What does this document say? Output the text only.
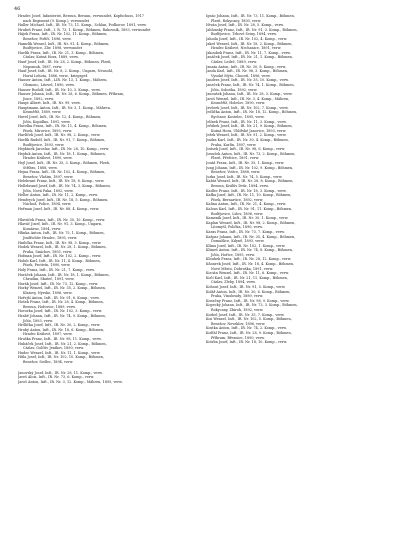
46
Hradec Josef, Infanterist, Beroun, Beraun, verwundet, Kopfschuss, 1917
nach Regiment (9. Komp.), verwundet
Haller Michael, Inft., IR. Nr. 73, 11. Komp., Schlan, Podhorov, 1891, verw.
Hrubeš Franz, Inft., I. R. 73, 1. Komp., Böhmen, Rakovník, 1893, verwundet
Hájek Franz, Inft., IR. Nr. 102, 11. Komp., Böhmen,
Benešov, Poříčí, 1896, verw.
Hamrlík Wenzel, Inft., IR. Nr. 91, 4. Komp., Böhmen,
Budějovice, Zliv, 1898, verwundet
Havlík Franz, Inft., IR. Nr. 21, 3. Komp., Böhmen,
Čáslav, Kutná Hora, 1889, verw.
Hauf Josef, Inft., IR. Nr. 28, 2. Komp., Böhmen, Plzeň,
Nepomuk, 1887, verw.
Hauf Josef, Inft., IR. Nr. 8, 2. Komp., Ungarn, Neusohl,
Horní Lehota, 1886, verw., kriegsgef.
Hauser Anton, Inft., LIR. Nr. 13, 1. Komp., Mähren,
Olomouc, Litovel, 1890, verw.
Hauser Rudolf, Inft., IR. Nr. 10, 3. Komp., verw.
Hauser Johann, Inft., IR. Nr. 28, 6. Komp., Böhmen, Příbram,
Jince, 1892, verw.
Haupt Albert, Inft., IR. Nr. 99, verw.
Hauptmann Anton, Inft., IR. Nr. 3, 1. Komp., Mähren,
Kroměříž, 1889, verw.
Havel Josef, Inft., IR. Nr. 12, 4. Komp., Böhmen,
Jičín, Kopidlno, 1891, verw.
Havelka Franz, Inft., IR. Nr. 11, 4. Komp., Böhmen,
Písek, Mirovice, 1895, verw.
Havlíček Josef, Inft., IR. Nr. 98, 2. Komp., verw.
Havlík Rudolf, Inft., IR. Nr. 91, 7. Komp., Böhmen,
Budějovice, 1893, verw.
Hejdánek Jaroslav, Inft., IR. Nr. 28, 10. Komp., verw.
Hejduk Anton, Inft., IR. Nr. 18, 1. Komp., Böhmen,
Hradec Králové, 1890, verw.
Hejl Josef, Inft., IR. Nr. 35, 3. Komp., Böhmen, Plzeň,
Stříbro, 1888, verw.
Hejna Franz, Inft., IR. Nr. 102, 4. Komp., Böhmen,
Benešov, Vlašim, 1897, verw.
Helebrant Franz, Inft., IR. Nr. 18, 8. Komp., verw.
Hellebrand Josef, Inft., IR. Nr. 74, 3. Komp., Böhmen,
Jičín, Nová Paka, 1892, verw.
Heller Anton, Inft., IR. Nr. 11, 2. Komp., verw.
Hendrych Josef, Inft., IR. Nr. 18, 5. Komp., Böhmen,
Náchod, Police, 1894, verw.
Heřman Josef, Inft., IR. Nr. 88, 4. Komp., verw.
Hlaváček Franz, Inft., IR. Nr. 30, 10. Komp., verw.
Hlaváč Josef, Inft., IR. Nr. 91, 3. Komp., Ungarn,
Komárno, 1894, verw.
Hlinka Anton, Inft., IR. Nr. 75, 1. Komp., Böhmen,
Jindřichův Hradec, 1895, verw.
Hnilička Franz, Inft., IR. Nr. 98, 5. Komp., verw.
Hodek Wenzel, Inft., IR. Nr. 28, 1. Komp., Böhmen,
Praha, Smíchov, 1893, verw.
Hofman Josef, Inft., IR. Nr. 102, 2. Komp., verw.
Holub Karl, Inft., IR. Nr. 11, 4. Komp., Böhmen,
Písek, Protivín, 1890, verw.
Holý Franz, Inft., IR. Nr. 21, 7. Komp., verw.
Horáček Johann, Inft., IR. Nr. 18, 1. Komp., Böhmen,
Chrudim, Skuteč, 1891, verw.
Horák Josef, Inft., IR. Nr. 73, 12. Komp., verw.
Horký Wenzel, Inft., IR. Nr. 35, 2. Komp., Böhmen,
Klatovy, Nýrsko, 1896, verw.
Hořejší Anton, Inft., IR. Nr. 91, 6. Komp., verw.
Hošek Franz, Inft., IR. Nr. 28, 4. Komp., Böhmen,
Beroun, Hořovice, 1889, verw.
Hovorka Josef, Inft., IR. Nr. 102, 3. Komp., verw.
Hrabě Johann, Inft., IR. Nr. 74, 9. Komp., Böhmen,
Jičín, 1893, verw.
Hrdlička Josef, Inft., IR. Nr. 30, 2. Komp., verw.
Hrubý Anton, Inft., IR. Nr. 18, 6. Komp., Böhmen,
Hradec Králové, 1897, verw.
Hruška Franz, Inft., IR. Nr. 98, 11. Komp., verw.
Hubáček Josef, Inft., IR. Nr. 21, 2. Komp., Böhmen,
Čáslav, Golčův Jeníkov, 1890, verw.
Hudec Wenzel, Inft., IR. Nr. 11, 1. Komp., verw.
Hůla Josef, Inft., IR. Nr. 102, 10. Komp., Böhmen,
Benešov, Sedlec, 1894, verw.
Janovský Josef, Inft., IR. Nr. 28, 11. Komp., verw.
Jareš Alois, Inft., IR. Nr. 73, 6. Komp., verw.
Jaroš Anton, Inft., IR. Nr. 3, 12. Komp., Mähren, 1895, verw.
Ignác Johann, Inft., IR. Nr. 73, 11. Komp., Böhmen,
Plzeň, Rokycany, 1893, verw.
Ištván Josef, Inft., IR. Nr. 28, 5. Komp., verw.
Jablonský Franz, Inft., IR. Nr. 91, 3. Komp., Böhmen,
Budějovice, Trhové Sviny, 1894, verw.
Jahoda Josef, Inft., IR. Nr. 102, 4. Komp., verw.
Jakeš Wenzel, Inft., IR. Nr. 18, 2. Komp., Böhmen,
Hradec Králové, Nechanice, 1891, verw.
Jakoubek Franz, Inft., IR. Nr. 11, 7. Komp., verw.
Janáček Josef, Inft., IR. Nr. 21, 1. Komp., Böhmen,
Čáslav, Ledeč, 1889, verw.
Janata Anton, Inft., IR. Nr. 30, 8. Komp., verw.
Janda Karl, Inft., IR. Nr. 98, 3. Komp., Böhmen,
Vysoké Mýto, Choceň, 1896, verw.
Jandera Josef, Inft., IR. Nr. 35, 10. Komp., verw.
Janeček Franz, Inft., IR. Nr. 74, 1. Komp., Böhmen,
Jičín, Sobotka, 1892, verw.
Janoušek Johann, Inft., IR. Nr. 28, 3. Komp., verw.
Jaroš Wenzel, Inft., IR. Nr. 3, 4. Komp., Mähren,
Kroměříž, Holešov, 1890, verw.
Javůrek Josef, Inft., IR. Nr. 102, 7. Komp., verw.
Jedlička Anton, Inft., IR. Nr. 18, 12. Komp., Böhmen,
Rychnov, Kostelec, 1895, verw.
Jelínek Franz, Inft., IR. Nr. 11, 3. Komp., verw.
Jeřábek Josef, Inft., IR. Nr. 21, 9. Komp., Böhmen,
Kutná Hora, Uhlířské Janovice, 1893, verw.
Ježek Wenzel, Inft., IR. Nr. 91, 2. Komp., verw.
Jindra Karl, Inft., IR. Nr. 30, 4. Komp., Böhmen,
Praha, Karlín, 1897, verw.
Jirásek Josef, Inft., IR. Nr. 98, 6. Komp., verw.
Jiroušek Anton, Inft., IR. Nr. 73, 2. Komp., Böhmen,
Plzeň, Přeštice, 1891, verw.
Jonáš Franz, Inft., IR. Nr. 35, 1. Komp., verw.
Jung Johann, Inft., IR. Nr. 102, 9. Komp., Böhmen,
Benešov, Votice, 1888, verw.
Jurka Josef, Inft., IR. Nr. 74, 5. Komp., verw.
Kabát Wenzel, Inft., IR. Nr. 28, 8. Komp., Böhmen,
Beroun, Králův Dvůr, 1894, verw.
Kadlec Franz, Inft., IR. Nr. 18, 3. Komp., verw.
Kafka Josef, Inft., IR. Nr. 11, 10. Komp., Böhmen,
Písek, Bernartice, 1892, verw.
Kalina Anton, Inft., IR. Nr. 21, 4. Komp., verw.
Kalous Karl, Inft., IR. Nr. 91, 11. Komp., Böhmen,
Budějovice, Lišov, 1896, verw.
Kameník Josef, Inft., IR. Nr. 30, 1. Komp., verw.
Kaplan Wenzel, Inft., IR. Nr. 98, 2. Komp., Böhmen,
Litomyšl, Polička, 1890, verw.
Karas Franz, Inft., IR. Nr. 73, 7. Komp., verw.
Kašpar Johann, Inft., IR. Nr. 35, 4. Komp., Böhmen,
Domažlice, Kdyně, 1893, verw.
Klíma Josef, Inft., IR. Nr. 102, 1. Komp., verw.
Klimeš Anton, Inft., IR. Nr. 74, 8. Komp., Böhmen,
Jičín, Hořice, 1895, verw.
Kloubek Franz, Inft., IR. Nr. 28, 12. Komp., verw.
Kňourek Josef, Inft., IR. Nr. 18, 4. Komp., Böhmen,
Nové Město, Dobruška, 1891, verw.
Kocián Wenzel, Inft., IR. Nr. 11, 6. Komp., verw.
Kočí Karl, Inft., IR. Nr. 21, 11. Komp., Böhmen,
Čáslav, Žleby, 1894, verw.
Kohout Josef, Inft., IR. Nr. 91, 5. Komp., verw.
Kolář Anton, Inft., IR. Nr. 30, 6. Komp., Böhmen,
Praha, Vinohrady, 1889, verw.
Konečný Franz, Inft., IR. Nr. 98, 9. Komp., verw.
Kopecký Johann, Inft., IR. Nr. 73, 3. Komp., Böhmen,
Rokycany, Zbiroh, 1892, verw.
Korbel Josef, Inft., IR. Nr. 35, 7. Komp., verw.
Kos Wenzel, Inft., IR. Nr. 102, 5. Komp., Böhmen,
Benešov, Neveklov, 1896, verw.
Kostka Anton, Inft., IR. Nr. 74, 2. Komp., verw.
Košťál Franz, Inft., IR. Nr. 28, 9. Komp., Böhmen,
Příbram, Březnice, 1890, verw.
Kotrba Josef, Inft., IR. Nr. 18, 10. Komp., verw.
